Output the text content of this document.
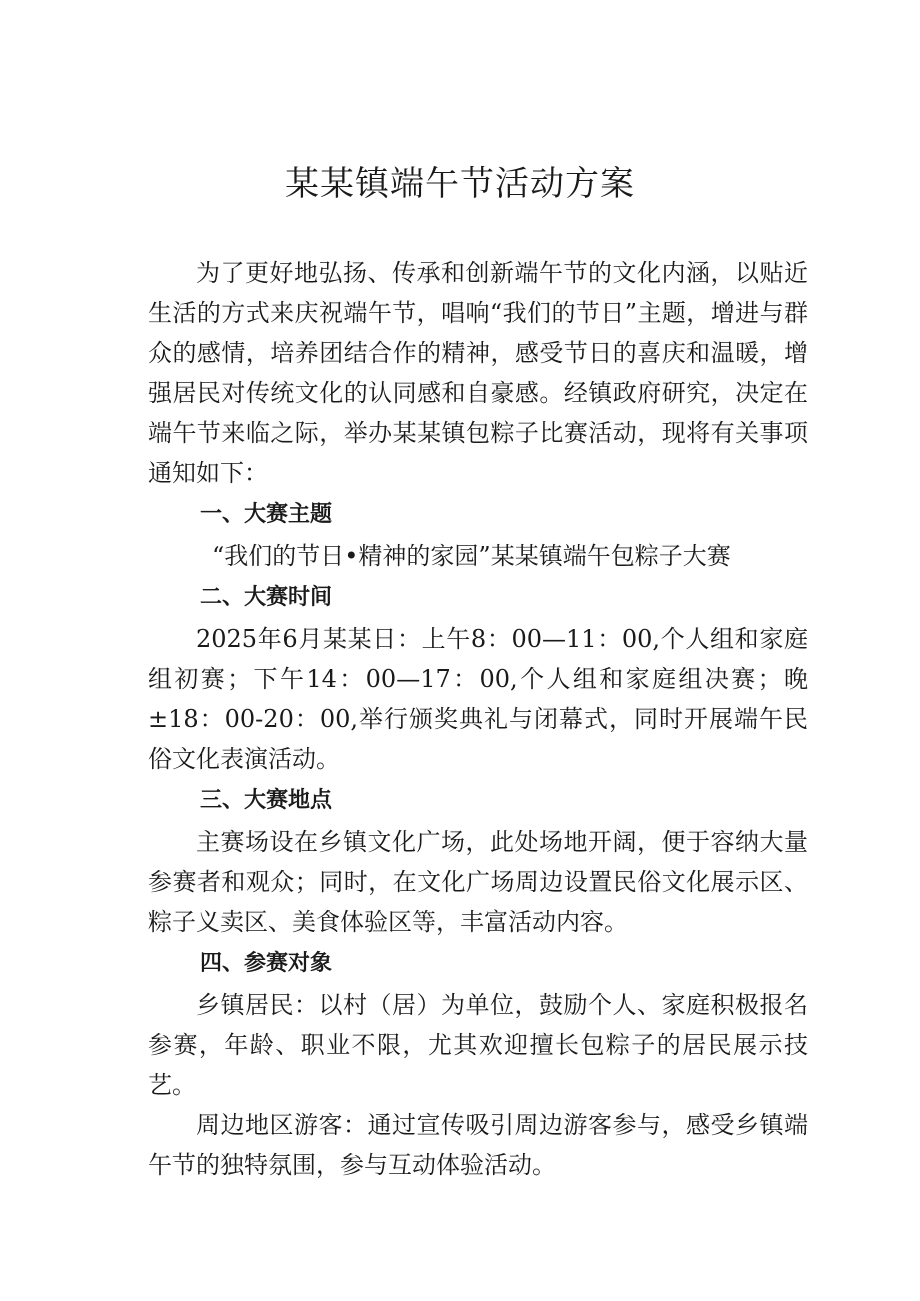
某某镇端午节活动方案

为了更好地弘扬、传承和创新端午节的文化内涵，以贴近生活的方式来庆祝端午节，唱响“我们的节日”主题，增进与群众的感情，培养团结合作的精神，感受节日的喜庆和温暖，增强居民对传统文化的认同感和自豪感。经镇政府研究，决定在端午节来临之际，举办某某镇包粽子比赛活动，现将有关事项通知如下：

一、大赛主题

“我们的节日•精神的家园”某某镇端午包粽子大赛

二、大赛时间

2025年6月某某日：上午8：00—11：00,个人组和家庭组初赛；下午14：00—17：00,个人组和家庭组决赛；晚±18：00-20：00,举行颁奖典礼与闭幕式，同时开展端午民俗文化表演活动。

三、大赛地点

主赛场设在乡镇文化广场，此处场地开阔，便于容纳大量参赛者和观众；同时，在文化广场周边设置民俗文化展示区、粽子义卖区、美食体验区等，丰富活动内容。

四、参赛对象

乡镇居民：以村（居）为单位，鼓励个人、家庭积极报名参赛，年龄、职业不限，尤其欢迎擅长包粽子的居民展示技艺。

周边地区游客：通过宣传吸引周边游客参与，感受乡镇端午节的独特氛围，参与互动体验活动。
